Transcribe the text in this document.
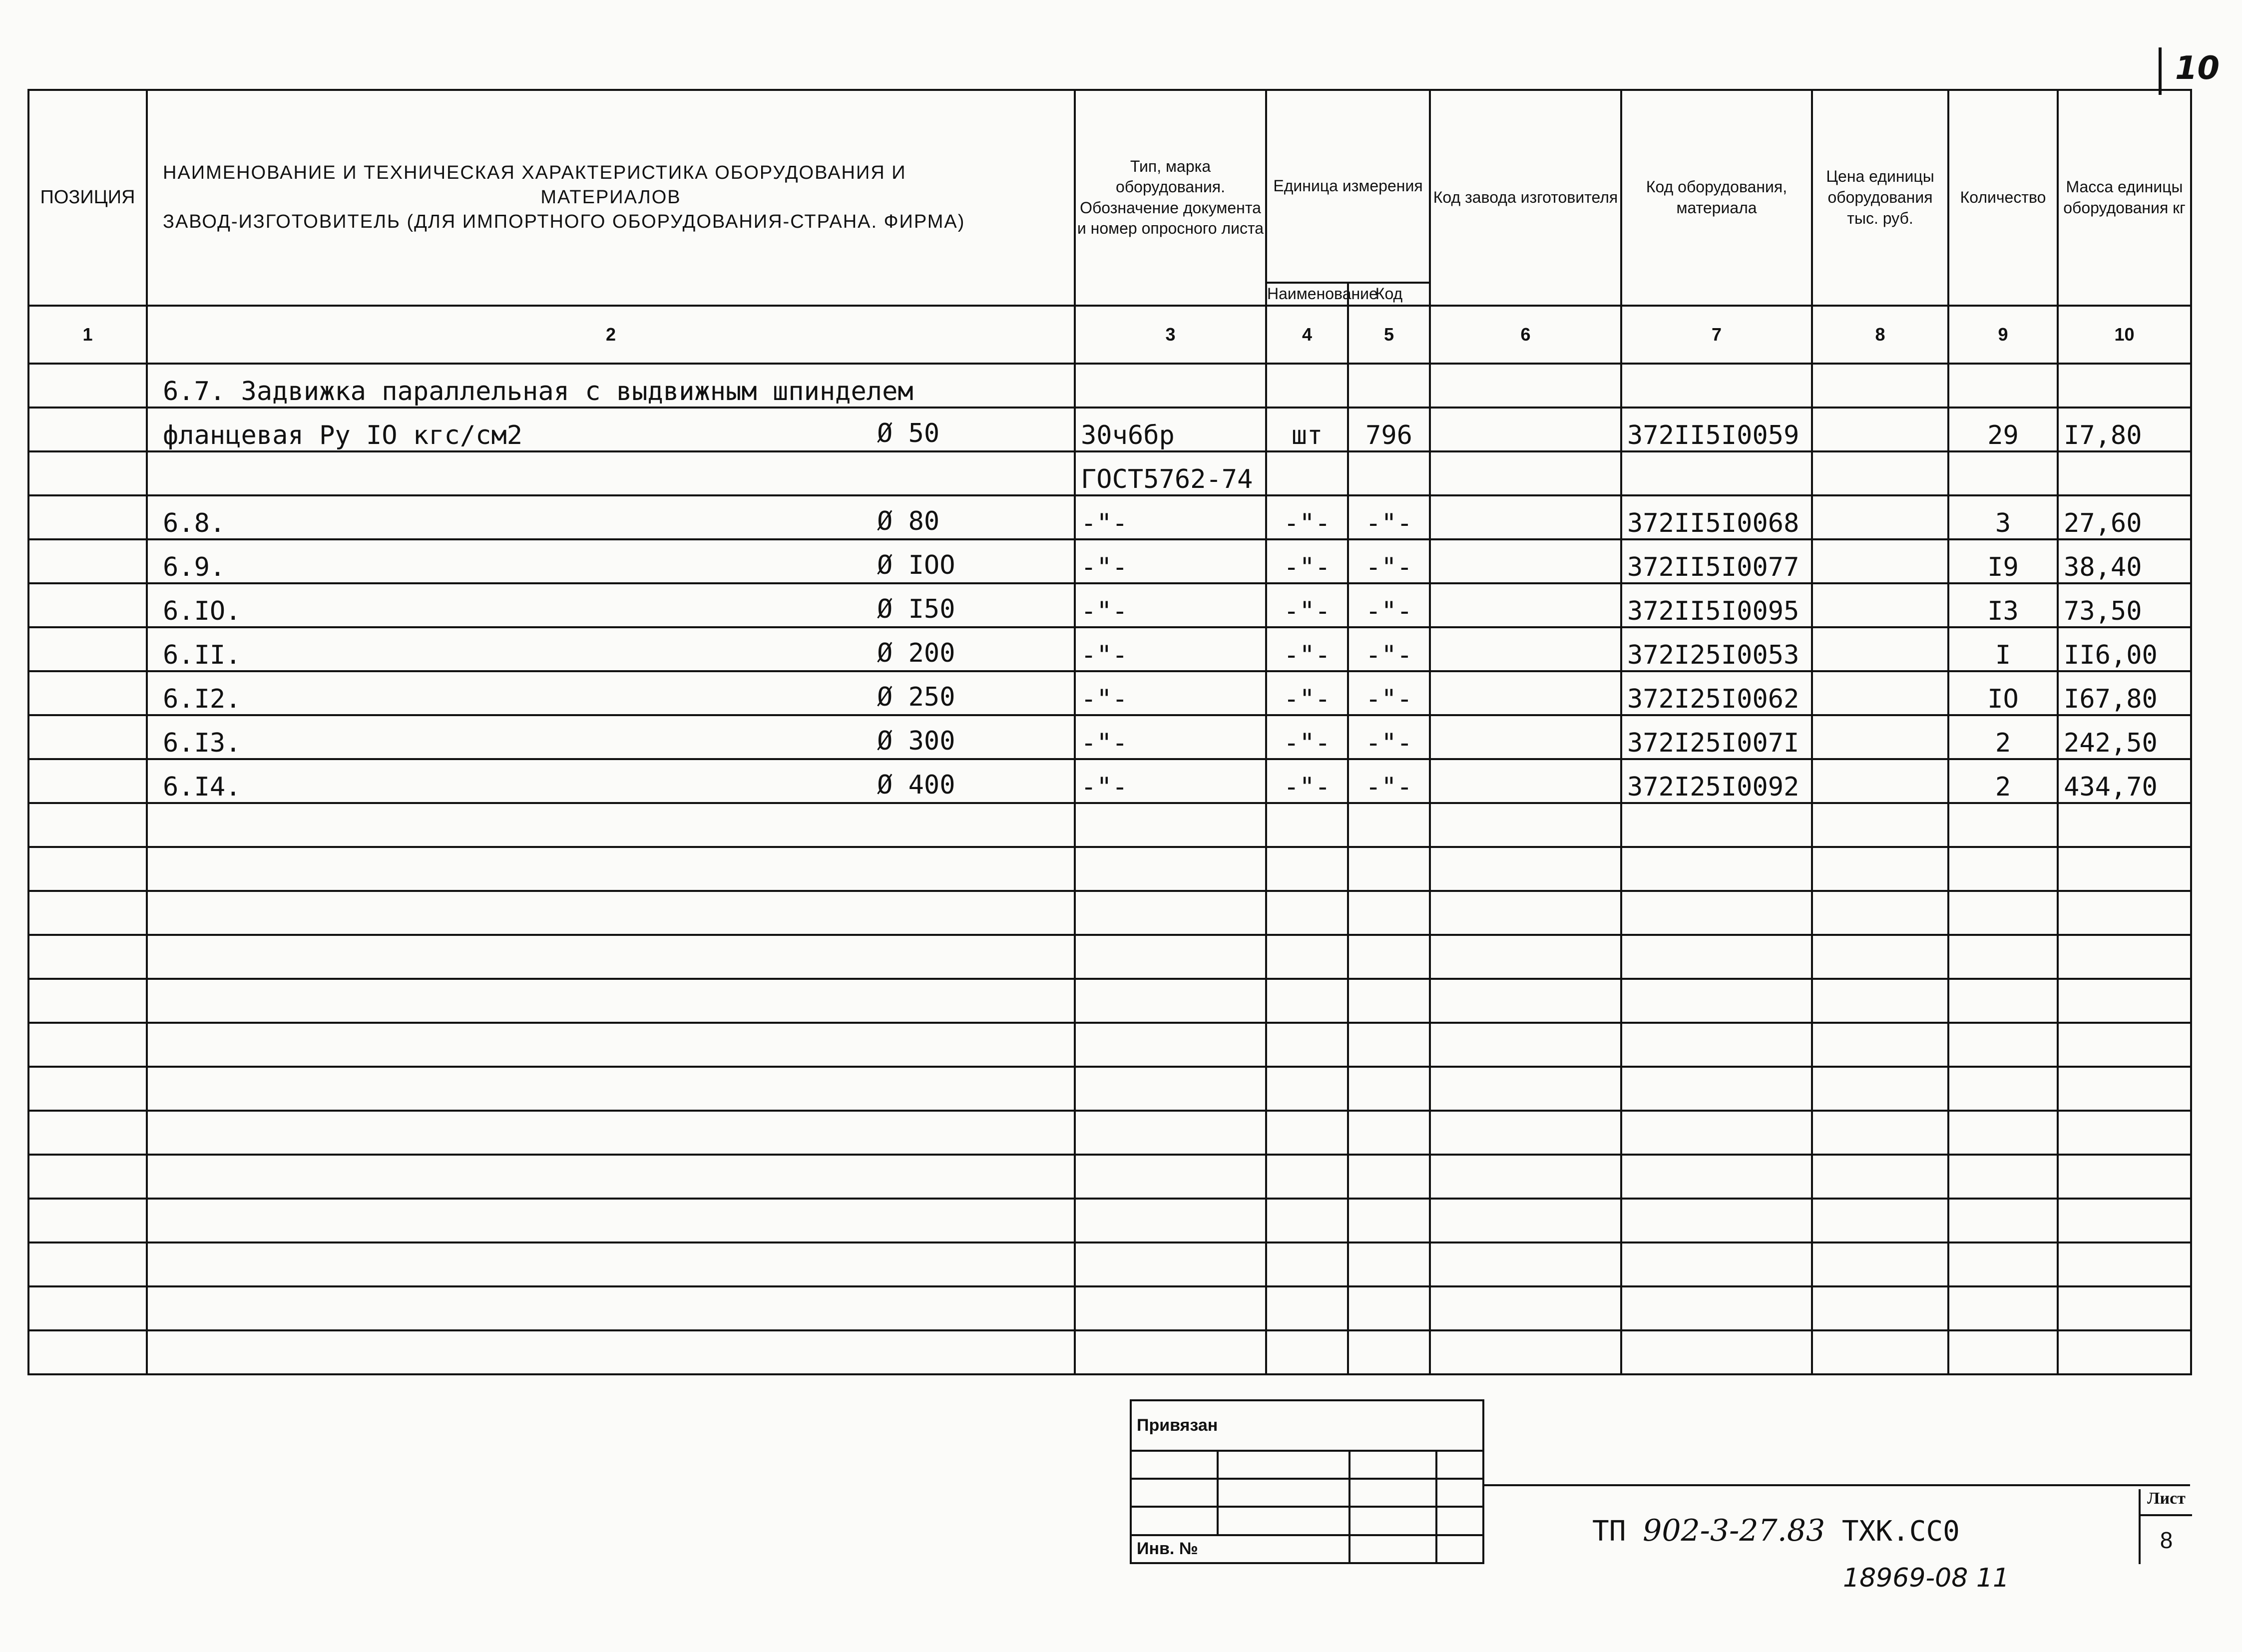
10
ПОЗИЦИЯ	НАИМЕНОВАНИЕ И ТЕХНИЧЕСКАЯ ХАРАКТЕРИСТИКА ОБОРУДОВАНИЯ И
МАТЕРИАЛОВ
ЗАВОД-ИЗГОТОВИТЕЛЬ (ДЛЯ ИМПОРТНОГО ОБОРУДОВАНИЯ-СТРАНА. ФИРМА)	Тип, марка оборудования. Обозначение документа и номер опросного листа	Единица измерения		Код завода изготовителя	Код оборудования, материала	Цена единицы оборудования тыс. руб.	Количество	Масса единицы оборудования кг
			Наименование	Код					
1	2	3	4	5	6	7	8	9	10
	6.7. Задвижка параллельная с выдвижным шпинделем

	фланцевая Ру IO кгс/см2 Ø 50	30ч6бр	шт	796		372II5I0059		29	I7,80

	ГОСТ5762-74							
	6.8. Ø 80	-"-	-"-	-"-		372II5I0068		3	27,60
	6.9. Ø IOO	-"-	-"-	-"-		372II5I0077		I9	38,40
	6.IO. Ø I50	-"-	-"-	-"-		372II5I0095		I3	73,50
	6.II. Ø 200	-"-	-"-	-"-		372I25I0053		I	II6,00
	6.I2. Ø 250	-"-	-"-	-"-		372I25I0062		IO	I67,80
	6.I3. Ø 300	-"-	-"-	-"-		372I25I007I		2	242,50
	6.I4. Ø 400	-"-	-"-	-"-		372I25I0092		2	434,70

Привязан			

Инв. №			
ТП 902-3-27.83 ТХК.СС0
Лист
8
18969-08 11
